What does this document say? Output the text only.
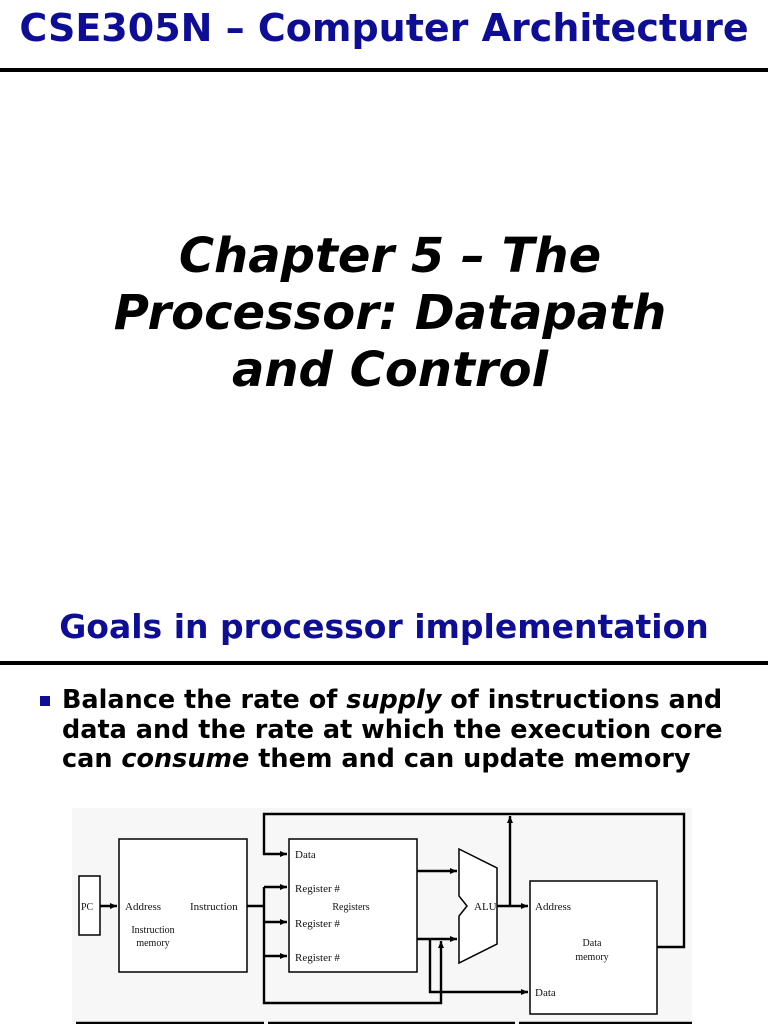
CSE305N – Computer Architecture
Chapter 5 – The Processor: Datapath and Control
Goals in processor implementation
Balance the rate of supply of instructions and data and the rate at which the execution core can consume them and can update memory
PC	Address	Instruction
Instruction
memory
Data
Register #
Registers
Register #
Register #
ALU	Address
Data
memory
Data
